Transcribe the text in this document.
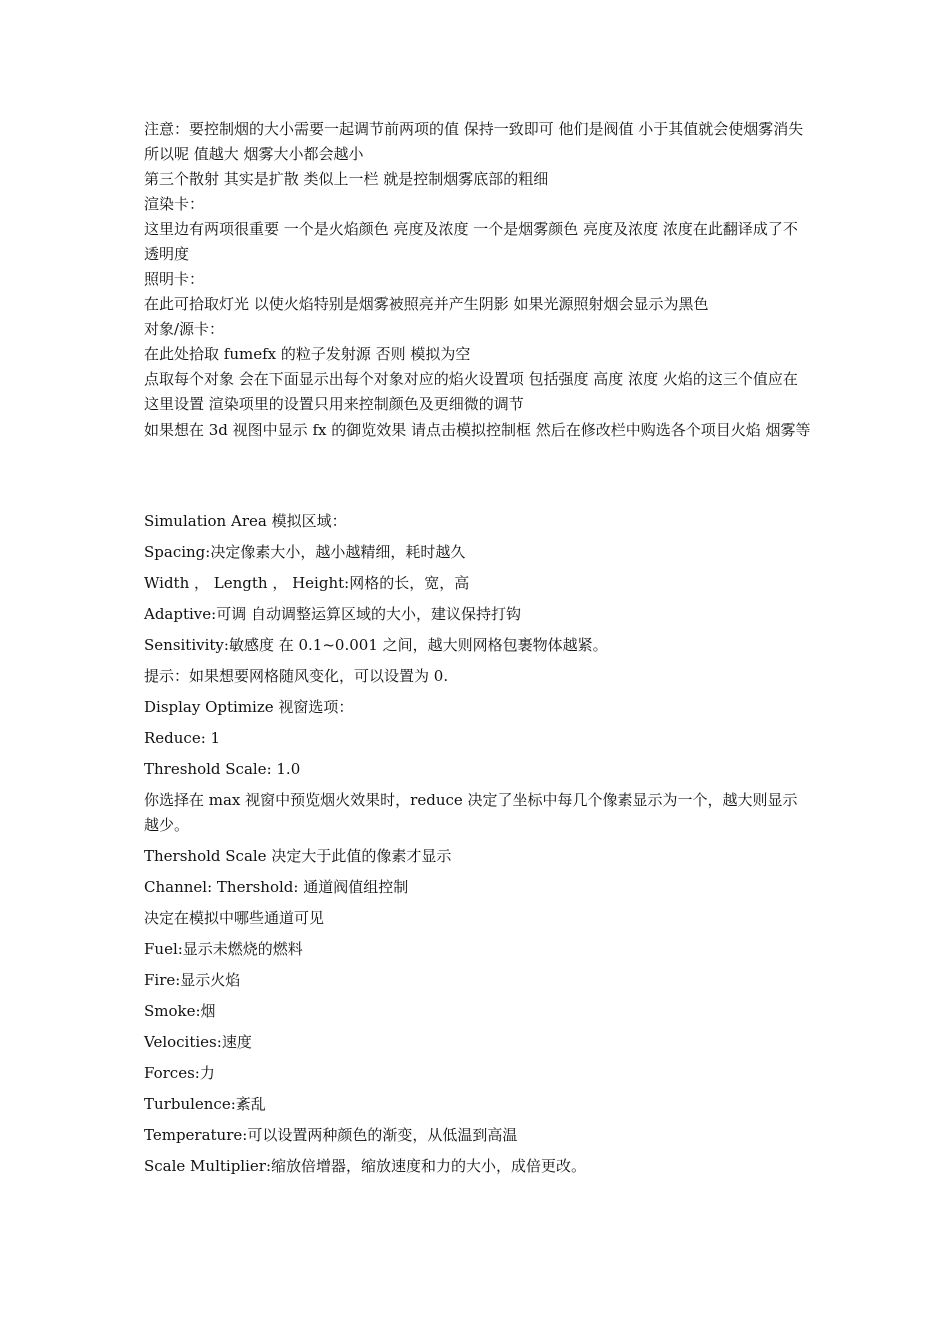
注意：要控制烟的大小需要一起调节前两项的值 保持一致即可 他们是阀值 小于其值就会使烟雾消失 所以呢 值越大 烟雾大小都会越小

第三个散射 其实是扩散 类似上一栏 就是控制烟雾底部的粗细

渲染卡：

这里边有两项很重要 一个是火焰颜色 亮度及浓度 一个是烟雾颜色 亮度及浓度 浓度在此翻译成了不透明度

照明卡：

在此可拾取灯光 以使火焰特别是烟雾被照亮并产生阴影 如果光源照射烟会显示为黑色

对象/源卡：

在此处拾取 fumefx 的粒子发射源 否则 模拟为空

点取每个对象 会在下面显示出每个对象对应的焰火设置项 包括强度 高度 浓度 火焰的这三个值应在这里设置 渲染项里的设置只用来控制颜色及更细微的调节

如果想在 3d 视图中显示 fx 的御览效果 请点击模拟控制框 然后在修改栏中购选各个项目火焰 烟雾等

Simulation Area 模拟区域：

Spacing:决定像素大小，越小越精细，耗时越久

Width ， Length ， Height:网格的长，宽，高

Adaptive:可调 自动调整运算区域的大小，建议保持打钩

Sensitivity:敏感度 在 0.1~0.001 之间，越大则网格包裹物体越紧。

提示：如果想要网格随风变化，可以设置为 0.

Display Optimize 视窗选项：

Reduce: 1

Threshold Scale: 1.0

你选择在 max 视窗中预览烟火效果时，reduce 决定了坐标中每几个像素显示为一个，越大则显示越少。

Thershold Scale 决定大于此值的像素才显示

Channel: Thershold: 通道阀值组控制

决定在模拟中哪些通道可见

Fuel:显示未燃烧的燃料

Fire:显示火焰

Smoke:烟

Velocities:速度

Forces:力

Turbulence:紊乱

Temperature:可以设置两种颜色的渐变，从低温到高温

Scale Multiplier:缩放倍增器，缩放速度和力的大小，成倍更改。
